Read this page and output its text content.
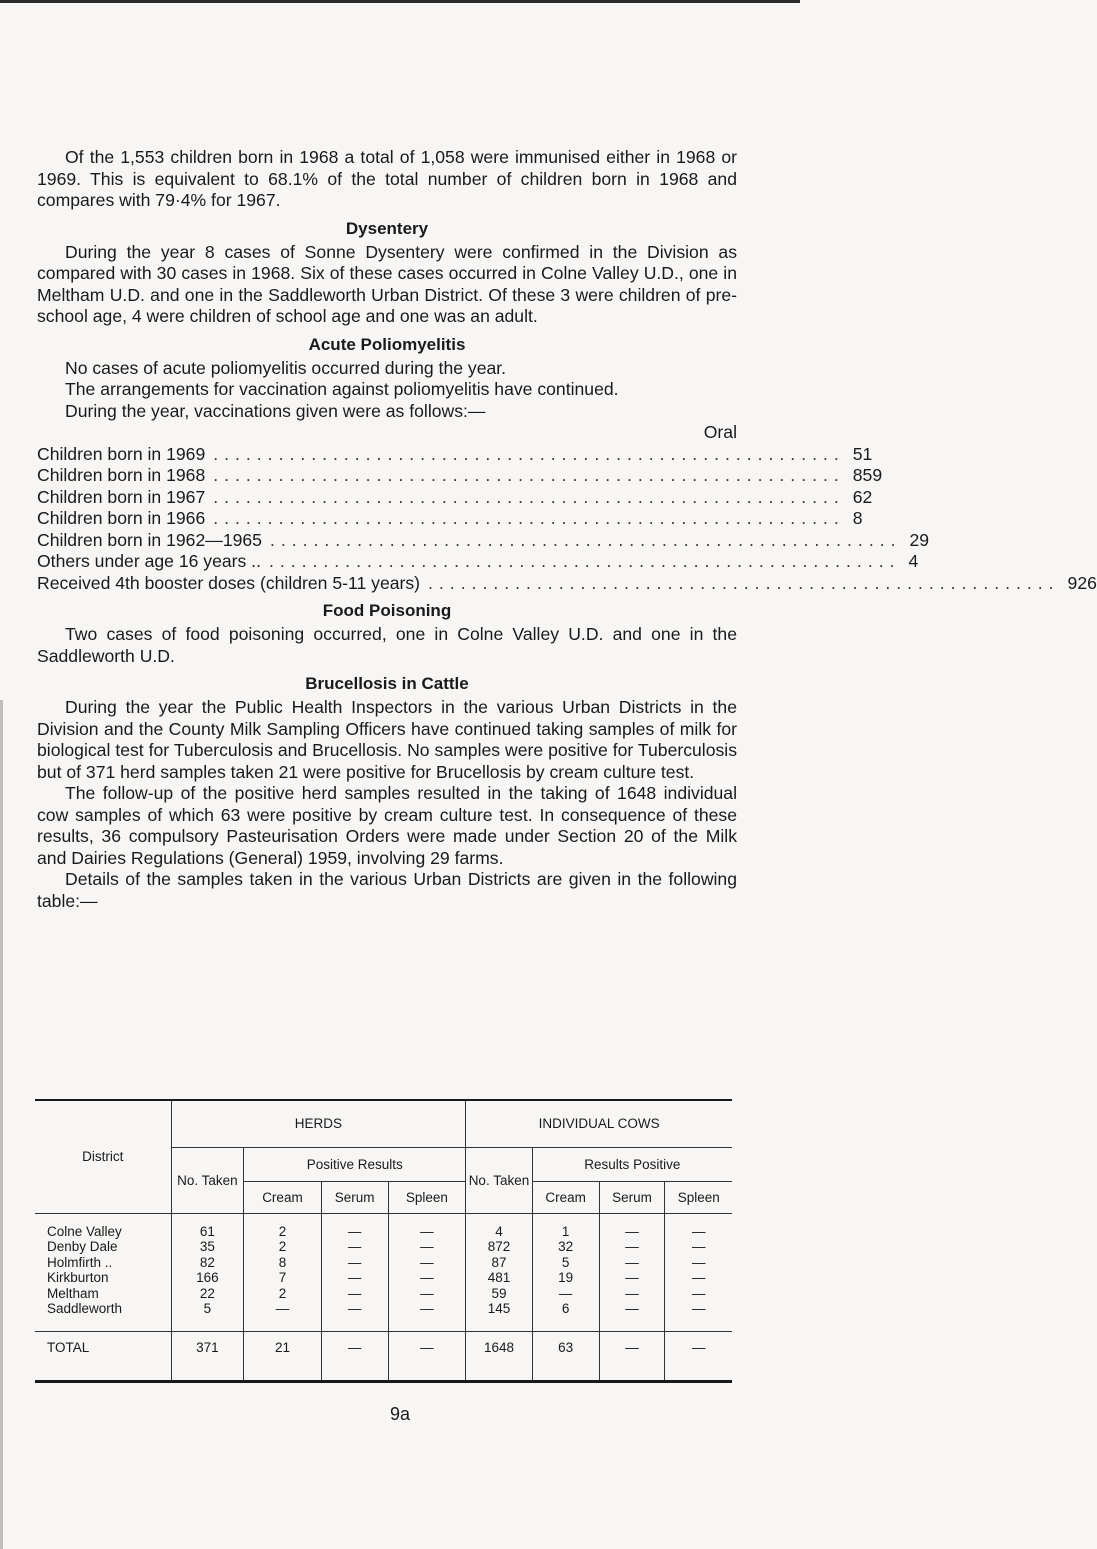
Of the 1,553 children born in 1968 a total of 1,058 were immunised either in 1968 or 1969. This is equivalent to 68.1% of the total number of children born in 1968 and compares with 79·4% for 1967.

Dysentery

During the year 8 cases of Sonne Dysentery were confirmed in the Division as compared with 30 cases in 1968. Six of these cases occurred in Colne Valley U.D., one in Meltham U.D. and one in the Saddleworth Urban District. Of these 3 were children of pre-school age, 4 were children of school age and one was an adult.

Acute Poliomyelitis

No cases of acute poliomyelitis occurred during the year.

The arrangements for vaccination against poliomyelitis have continued.

During the year, vaccinations given were as follows:—

Oral
Children born in 1969 .......................................................... 51
Children born in 1968 .......................................................... 859
Children born in 1967 .......................................................... 62
Children born in 1966 .......................................................... 8
Children born in 1962—1965 .......................................................... 29
Others under age 16 years .. .......................................................... 4
Received 4th booster doses (children 5-11 years) .......................................................... 926
Food Poisoning

Two cases of food poisoning occurred, one in Colne Valley U.D. and one in the Saddleworth U.D.

Brucellosis in Cattle

During the year the Public Health Inspectors in the various Urban Districts in the Division and the County Milk Sampling Officers have continued taking samples of milk for biological test for Tuberculosis and Brucellosis. No samples were positive for Tuberculosis but of 371 herd samples taken 21 were positive for Brucellosis by cream culture test.

The follow-up of the positive herd samples resulted in the taking of 1648 individual cow samples of which 63 were positive by cream culture test. In consequence of these results, 36 compulsory Pasteurisation Orders were made under Section 20 of the Milk and Dairies Regulations (General) 1959, involving 29 farms.

Details of the samples taken in the various Urban Districts are given in the following table:—

District	HERDS				INDIVIDUAL COWS			
	No. Taken	Positive Results			No. Taken	Results Positive		
		Cream	Serum	Spleen		Cream	Serum	Spleen
Colne Valley	61	2	—	—	4	1	—	—
Denby Dale	35	2	—	—	872	32	—	—
Holmfirth ..	82	8	—	—	87	5	—	—
Kirkburton	166	7	—	—	481	19	—	—
Meltham	22	2	—	—	59	—	—	—
Saddleworth	5	—	—	—	145	6	—	—
TOTAL	371	21	—	—	1648	63	—	—
9a
